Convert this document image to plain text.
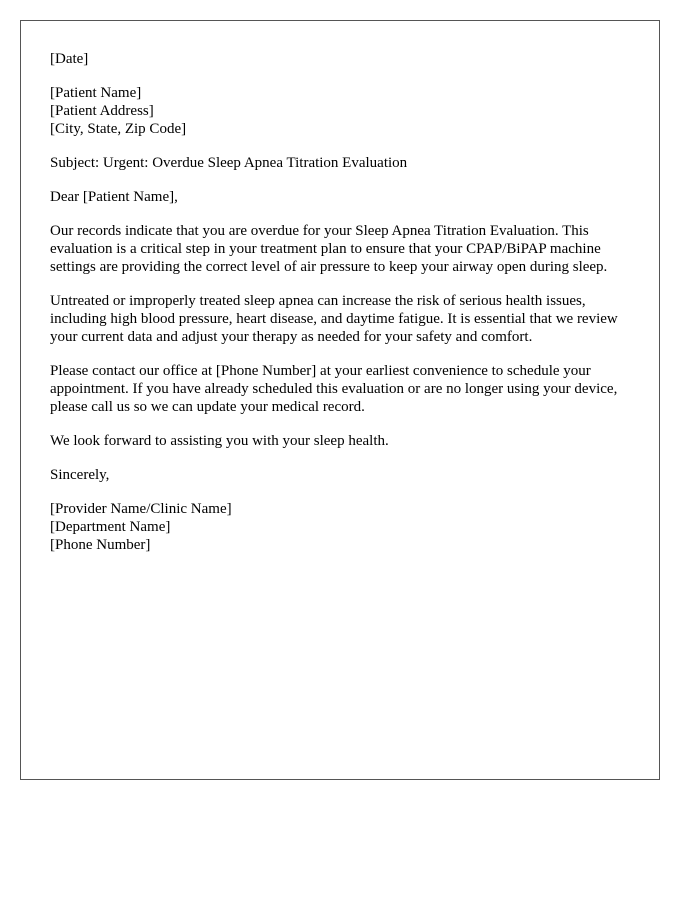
[Date]
[Patient Name]
[Patient Address]
[City, State, Zip Code]
Subject: Urgent: Overdue Sleep Apnea Titration Evaluation
Dear [Patient Name],

Our records indicate that you are overdue for your Sleep Apnea Titration Evaluation. This evaluation is a critical step in your treatment plan to ensure that your CPAP/BiPAP machine settings are providing the correct level of air pressure to keep your airway open during sleep.

Untreated or improperly treated sleep apnea can increase the risk of serious health issues, including high blood pressure, heart disease, and daytime fatigue. It is essential that we review your current data and adjust your therapy as needed for your safety and comfort.

Please contact our office at [Phone Number] at your earliest convenience to schedule your appointment. If you have already scheduled this evaluation or are no longer using your device, please call us so we can update your medical record.

We look forward to assisting you with your sleep health.

Sincerely,
[Provider Name/Clinic Name]
[Department Name]
[Phone Number]
